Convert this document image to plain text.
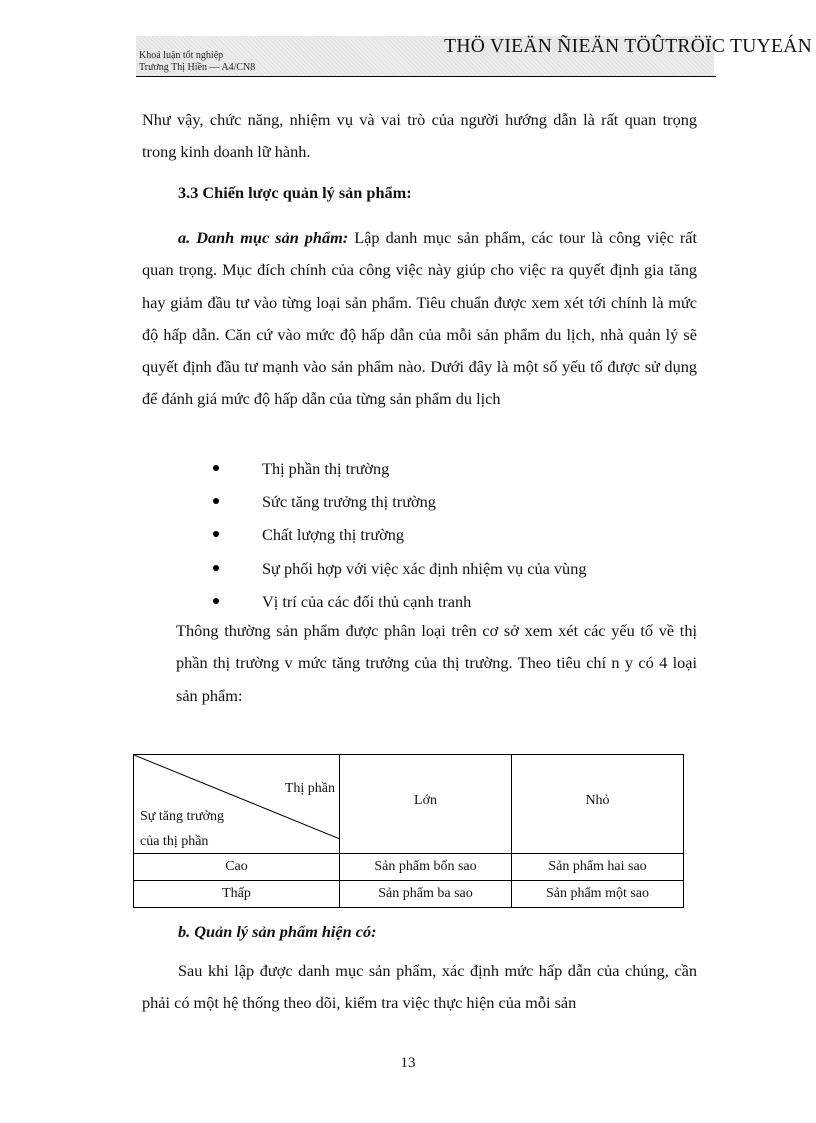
Khoá luận tốt nghiệp
Trương Thị Hiền — A4/CN8
THÖ VIEÄN ÑIEÄN TÖÛTRÖÏC TUYEÁN

Như vậy, chức năng, nhiệm vụ và vai trò của người hướng dẫn là rất quan trọng trong kinh doanh lữ hành.

3.3 Chiến lược quản lý sản phẩm:

a. Danh mục sản phẩm: Lập danh mục sản phẩm, các tour là công việc rất quan trọng. Mục đích chính của công việc này giúp cho việc ra quyết định gia tăng hay giảm đầu tư vào từng loại sản phẩm. Tiêu chuẩn được xem xét tới chính là mức độ hấp dẫn. Căn cứ vào mức độ hấp dẫn của mỗi sản phẩm du lịch, nhà quản lý sẽ quyết định đầu tư mạnh vào sản phẩm nào. Dưới đây là một số yếu tố được sử dụng để đánh giá mức độ hấp dẫn của từng sản phẩm du lịch

Thị phần thị trường
Sức tăng trưởng thị trường
Chất lượng thị trường
Sự phối hợp với việc xác định nhiệm vụ của vùng
Vị trí của các đối thủ cạnh tranh

Thông thường sản phẩm được phân loại trên cơ sở xem xét các yếu tố về thị phần thị trường v mức tăng trưởng của thị trường. Theo tiêu chí n y có 4 loại sản phẩm:

Thị phần
Sự tăng trưởng
của thị phần	Lớn	Nhỏ
Cao	Sản phẩm bốn sao	Sản phẩm hai sao
Thấp	Sản phẩm ba sao	Sản phẩm một sao

b. Quản lý sản phẩm hiện có:

Sau khi lập được danh mục sản phẩm, xác định mức hấp dẫn của chúng, cần phải có một hệ thống theo dõi, kiểm tra việc thực hiện của mỗi sản

13
